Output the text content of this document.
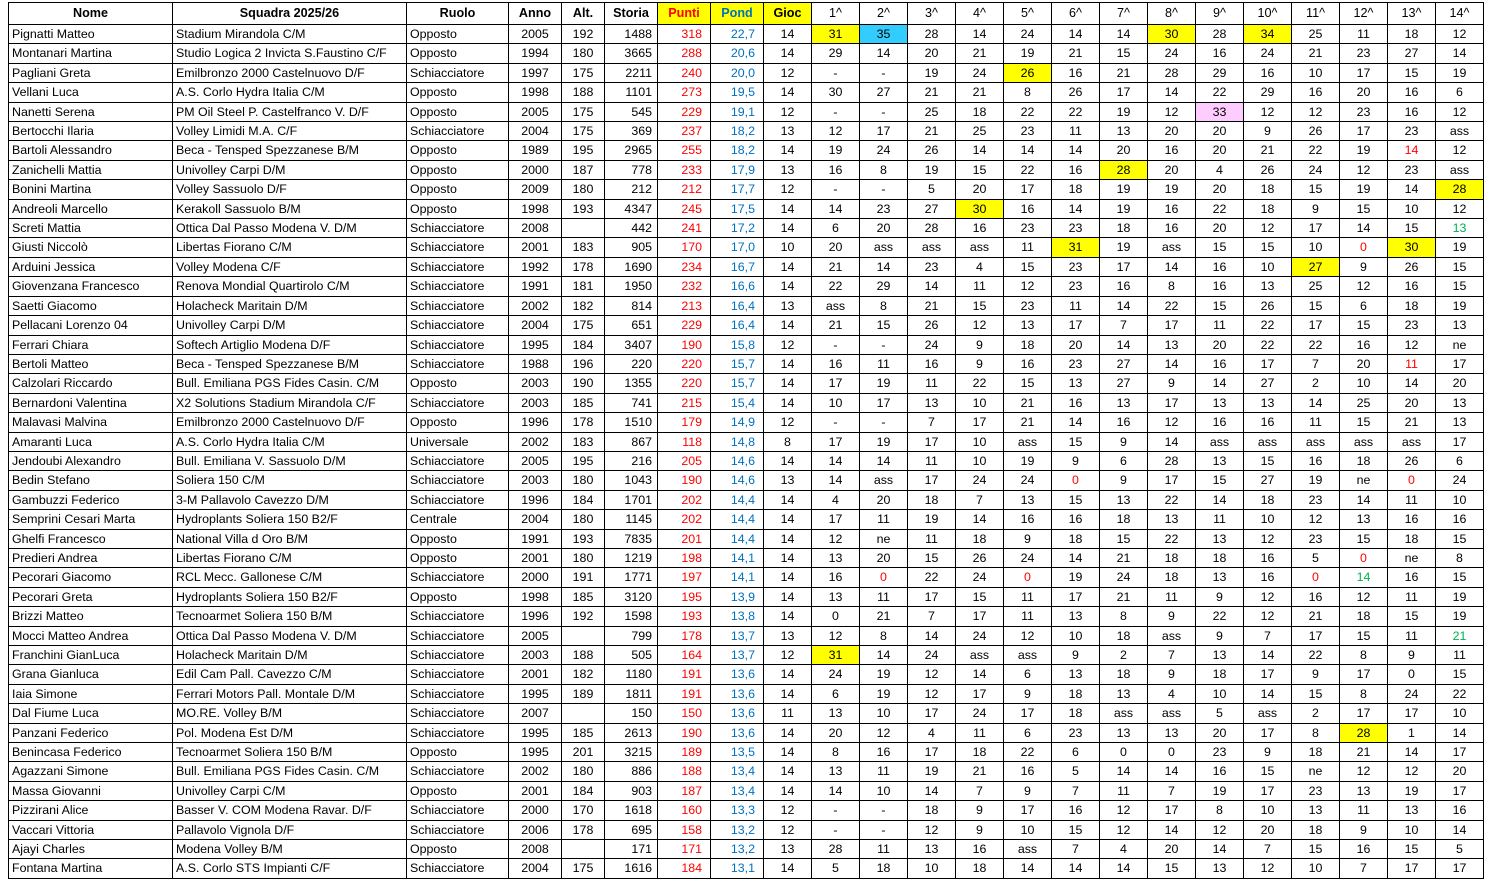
Nome	Squadra 2025/26	Ruolo	Anno	Alt.	Storia	Punti	Pond	Gioc	1^	2^	3^	4^	5^	6^	7^	8^	9^	10^	11^	12^	13^	14^
Pignatti Matteo	Stadium Mirandola C/M	Opposto	2005	192	1488	318	22,7	14	31	35	28	14	24	14	14	30	28	34	25	11	18	12
Montanari Martina	Studio Logica 2 Invicta S.Faustino C/F	Opposto	1994	180	3665	288	20,6	14	29	14	20	21	19	21	15	24	16	24	21	23	27	14
Pagliani Greta	Emilbronzo 2000 Castelnuovo D/F	Schiacciatore	1997	175	2211	240	20,0	12	-	-	19	24	26	16	21	28	29	16	10	17	15	19
Vellani Luca	A.S. Corlo Hydra Italia C/M	Opposto	1998	188	1101	273	19,5	14	30	27	21	21	8	26	17	14	22	29	16	20	16	6
Nanetti Serena	PM Oil Steel P. Castelfranco V. D/F	Opposto	2005	175	545	229	19,1	12	-	-	25	18	22	22	19	12	33	12	12	23	16	12
Bertocchi Ilaria	Volley Limidi M.A. C/F	Schiacciatore	2004	175	369	237	18,2	13	12	17	21	25	23	11	13	20	20	9	26	17	23	ass
Bartoli Alessandro	Beca - Tensped Spezzanese B/M	Opposto	1989	195	2965	255	18,2	14	19	24	26	14	14	14	20	16	20	21	22	19	14	12
Zanichelli Mattia	Univolley Carpi D/M	Opposto	2000	187	778	233	17,9	13	16	8	19	15	22	16	28	20	4	26	24	12	23	ass
Bonini Martina	Volley Sassuolo D/F	Opposto	2009	180	212	212	17,7	12	-	-	5	20	17	18	19	19	20	18	15	19	14	28
Andreoli Marcello	Kerakoll Sassuolo B/M	Opposto	1998	193	4347	245	17,5	14	14	23	27	30	16	14	19	16	22	18	9	15	10	12
Screti Mattia	Ottica Dal Passo Modena V. D/M	Schiacciatore	2008		442	241	17,2	14	6	20	28	16	23	23	18	16	20	12	17	14	15	13
Giusti Niccolò	Libertas Fiorano C/M	Schiacciatore	2001	183	905	170	17,0	10	20	ass	ass	ass	11	31	19	ass	15	15	10	0	30	19
Arduini Jessica	Volley Modena C/F	Schiacciatore	1992	178	1690	234	16,7	14	21	14	23	4	15	23	17	14	16	10	27	9	26	15
Giovenzana Francesco	Renova Mondial Quartirolo C/M	Schiacciatore	1991	181	1950	232	16,6	14	22	29	14	11	12	23	16	8	16	13	25	12	16	15
Saetti Giacomo	Holacheck Maritain D/M	Schiacciatore	2002	182	814	213	16,4	13	ass	8	21	15	23	11	14	22	15	26	15	6	18	19
Pellacani Lorenzo 04	Univolley Carpi D/M	Schiacciatore	2004	175	651	229	16,4	14	21	15	26	12	13	17	7	17	11	22	17	15	23	13
Ferrari Chiara	Softech Artiglio Modena D/F	Schiacciatore	1995	184	3407	190	15,8	12	-	-	24	9	18	20	14	13	20	22	22	16	12	ne
Bertoli Matteo	Beca - Tensped Spezzanese B/M	Schiacciatore	1988	196	220	220	15,7	14	16	11	16	9	16	23	27	14	16	17	7	20	11	17
Calzolari Riccardo	Bull. Emiliana PGS Fides Casin. C/M	Opposto	2003	190	1355	220	15,7	14	17	19	11	22	15	13	27	9	14	27	2	10	14	20
Bernardoni Valentina	X2 Solutions Stadium Mirandola C/F	Schiacciatore	2003	185	741	215	15,4	14	10	17	13	10	21	16	13	17	13	13	14	25	20	13
Malavasi Malvina	Emilbronzo 2000 Castelnuovo D/F	Opposto	1996	178	1510	179	14,9	12	-	-	7	17	21	14	16	12	16	16	11	15	21	13
Amaranti Luca	A.S. Corlo Hydra Italia C/M	Universale	2002	183	867	118	14,8	8	17	19	17	10	ass	15	9	14	ass	ass	ass	ass	ass	17
Jendoubi Alexandro	Bull. Emiliana V. Sassuolo D/M	Schiacciatore	2005	195	216	205	14,6	14	14	14	11	10	19	9	6	28	13	15	16	18	26	6
Bedin Stefano	Soliera 150 C/M	Schiacciatore	2003	180	1043	190	14,6	13	14	ass	17	24	24	0	9	17	15	27	19	ne	0	24
Gambuzzi Federico	3-M Pallavolo Cavezzo D/M	Schiacciatore	1996	184	1701	202	14,4	14	4	20	18	7	13	15	13	22	14	18	23	14	11	10
Semprini Cesari Marta	Hydroplants Soliera 150 B2/F	Centrale	2004	180	1145	202	14,4	14	17	11	19	14	16	16	18	13	11	10	12	13	16	16
Ghelfi Francesco	National Villa d Oro B/M	Opposto	1991	193	7835	201	14,4	14	12	ne	11	18	9	18	15	22	13	12	23	15	18	15
Predieri Andrea	Libertas Fiorano C/M	Opposto	2001	180	1219	198	14,1	14	13	20	15	26	24	14	21	18	18	16	5	0	ne	8
Pecorari Giacomo	RCL Mecc. Gallonese C/M	Schiacciatore	2000	191	1771	197	14,1	14	16	0	22	24	0	19	24	18	13	16	0	14	16	15
Pecorari Greta	Hydroplants Soliera 150 B2/F	Opposto	1998	185	3120	195	13,9	14	13	11	17	15	11	17	21	11	9	12	16	12	11	19
Brizzi Matteo	Tecnoarmet Soliera 150 B/M	Schiacciatore	1996	192	1598	193	13,8	14	0	21	7	17	11	13	8	9	22	12	21	18	15	19
Mocci Matteo Andrea	Ottica Dal Passo Modena V. D/M	Schiacciatore	2005		799	178	13,7	13	12	8	14	24	12	10	18	ass	9	7	17	15	11	21
Franchini GianLuca	Holacheck Maritain D/M	Schiacciatore	2003	188	505	164	13,7	12	31	14	24	ass	ass	9	2	7	13	14	22	8	9	11
Grana Gianluca	Edil Cam Pall. Cavezzo C/M	Schiacciatore	2001	182	1180	191	13,6	14	24	19	12	14	6	13	18	9	18	17	9	17	0	15
Iaia Simone	Ferrari Motors Pall. Montale D/M	Schiacciatore	1995	189	1811	191	13,6	14	6	19	12	17	9	18	13	4	10	14	15	8	24	22
Dal Fiume Luca	MO.RE. Volley B/M	Schiacciatore	2007		150	150	13,6	11	13	10	17	24	17	18	ass	ass	5	ass	2	17	17	10
Panzani Federico	Pol. Modena Est D/M	Schiacciatore	1995	185	2613	190	13,6	14	20	12	4	11	6	23	13	13	20	17	8	28	1	14
Benincasa Federico	Tecnoarmet Soliera 150 B/M	Opposto	1995	201	3215	189	13,5	14	8	16	17	18	22	6	0	0	23	9	18	21	14	17
Agazzani Simone	Bull. Emiliana PGS Fides Casin. C/M	Schiacciatore	2002	180	886	188	13,4	14	13	11	19	21	16	5	14	14	16	15	ne	12	12	20
Massa Giovanni	Univolley Carpi C/M	Opposto	2001	184	903	187	13,4	14	14	10	14	7	9	7	11	7	19	17	23	13	19	17
Pizzirani Alice	Basser V. COM Modena Ravar. D/F	Schiacciatore	2000	170	1618	160	13,3	12	-	-	18	9	17	16	12	17	8	10	13	11	13	16
Vaccari Vittoria	Pallavolo Vignola D/F	Schiacciatore	2006	178	695	158	13,2	12	-	-	12	9	10	15	12	14	12	20	18	9	10	14
Ajayi Charles	Modena Volley B/M	Opposto	2008		171	171	13,2	13	28	11	13	16	ass	7	4	20	14	7	15	16	15	5
Fontana Martina	A.S. Corlo STS Impianti C/F	Schiacciatore	2004	175	1616	184	13,1	14	5	18	10	18	14	14	14	15	13	12	10	7	17	17
